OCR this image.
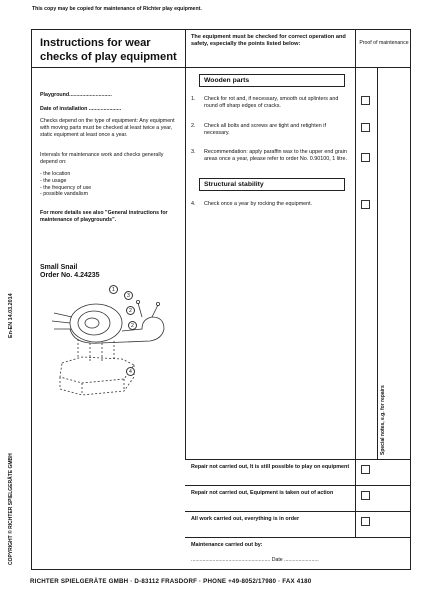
This copy may be copied for maintenance of Richter play equipment.
Instructions for wear checks of play equipment
The equipment must be checked for correct operation and safety, especially the points listed below:	Proof of maintenance
Playground.............................
Date of installation ......................
Checks depend on the type of equipment: Any equipment with moving parts must be checked at least twice a year, static equipment at least once a year.
Intervals for maintenance work and checks generally depend on:
- the location
- the usage
- the frequency of use
- possible vandalism
For more details see also "General instructions for maintenance of playgrounds".
Small Snail
Order No. 4.24235
1
3
2
2
4
Wooden parts
1.	Check for rot and, if necessary, smooth out splinters and round off sharp edges of cracks.
2.	Check all bolts and screws are tight and retighten if necessary.
3.	Recommendation: apply paraffin wax to the upper end grain areas once a year, please refer to order No. 0.90100, 1 litre.
Structural stability
4.	Check once a year by rocking the equipment.
Special notes, e.g. for repairs
Repair not carried out, It is still possible to play on equipment
Repair not carried out, Equipment is taken out of action
All work carried out, everything is in order
Maintenance carried out by:
....................................................... Date ........................
En-EN 14.03.2014
COPYRIGHT © RICHTER SPIELGERÄTE GMBH
RICHTER SPIELGERÄTE GMBH · D-83112 FRASDORF · PHONE +49-8052/17980 · FAX 4180
